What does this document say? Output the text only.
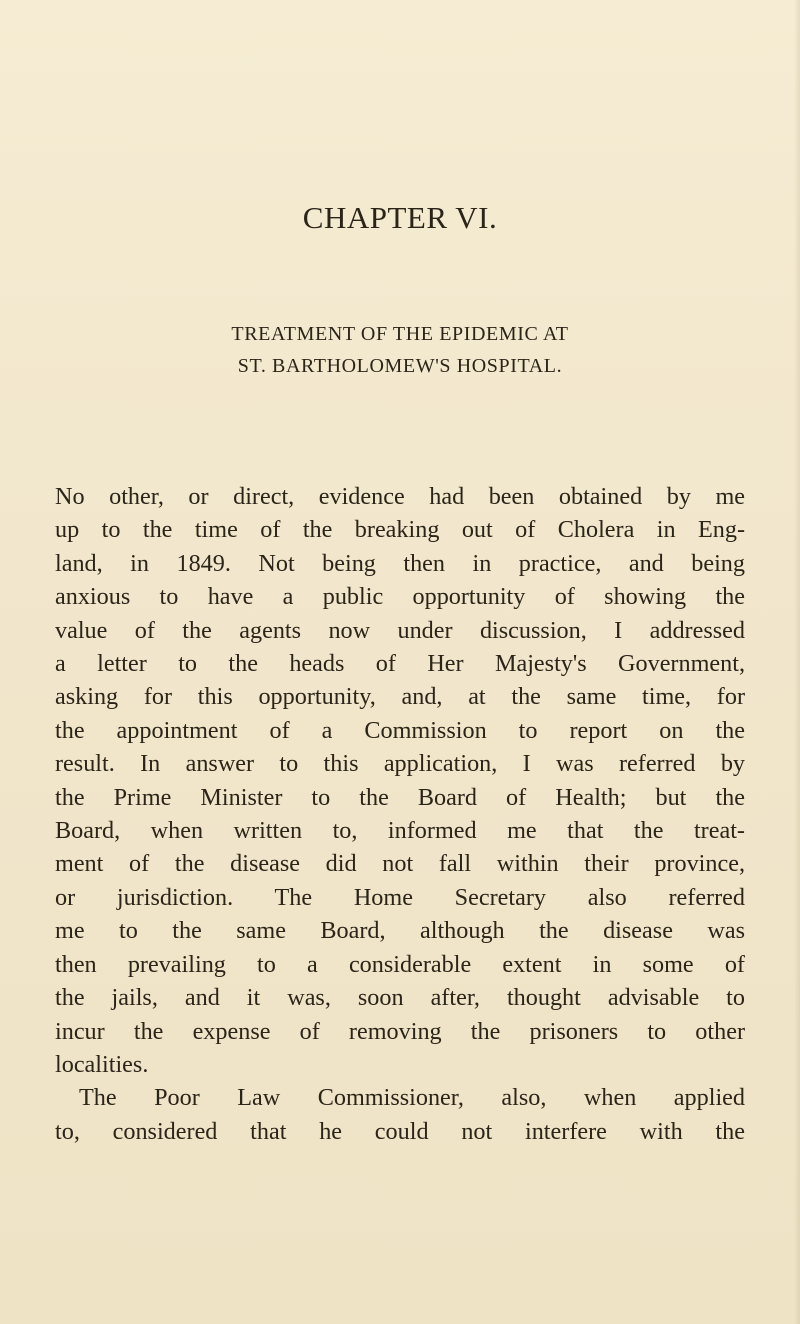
CHAPTER VI.
TREATMENT OF THE EPIDEMIC AT
ST. BARTHOLOMEW'S HOSPITAL.
No other, or direct, evidence had been obtained by me
up to the time of the breaking out of Cholera in Eng-
land, in 1849. Not being then in practice, and being
anxious to have a public opportunity of showing the
value of the agents now under discussion, I addressed
a letter to the heads of Her Majesty's Government,
asking for this opportunity, and, at the same time, for
the appointment of a Commission to report on the
result. In answer to this application, I was referred by
the Prime Minister to the Board of Health; but the
Board, when written to, informed me that the treat-
ment of the disease did not fall within their province,
or jurisdiction. The Home Secretary also referred
me to the same Board, although the disease was
then prevailing to a considerable extent in some of
the jails, and it was, soon after, thought advisable to
incur the expense of removing the prisoners to other
localities.
The Poor Law Commissioner, also, when applied
to, considered that he could not interfere with the
